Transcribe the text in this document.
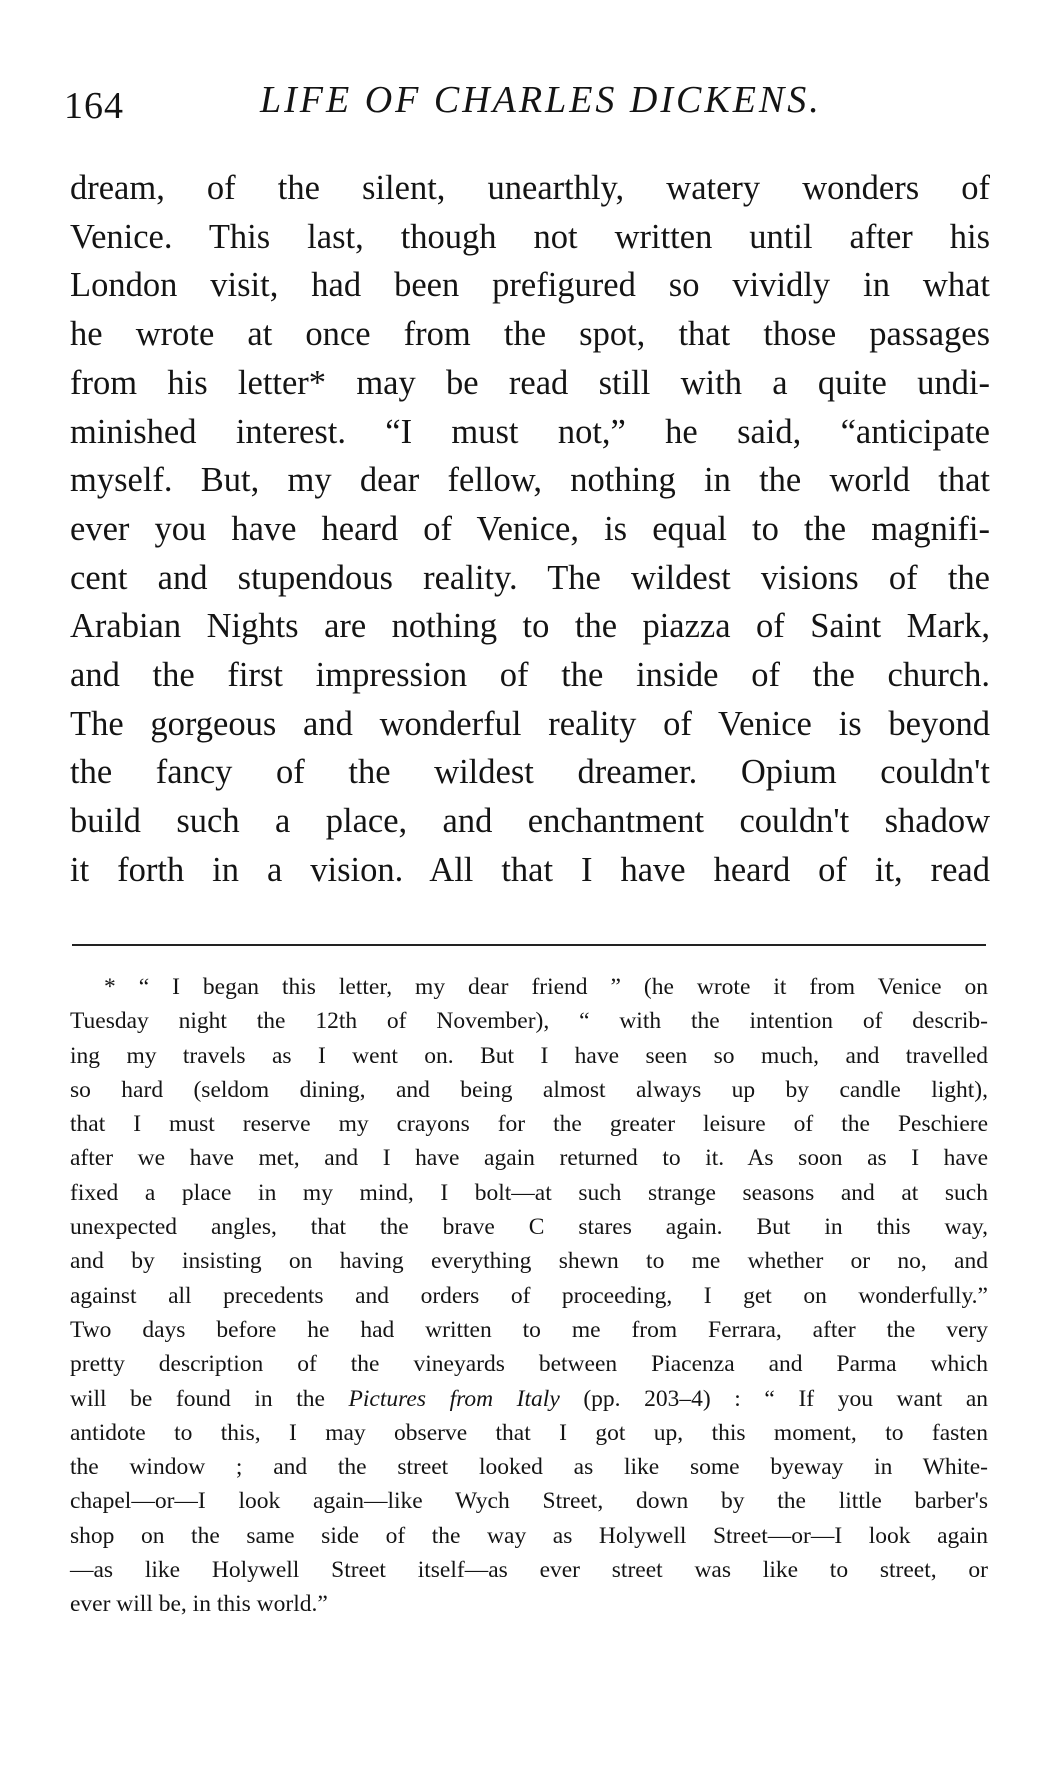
164	LIFE OF CHARLES DICKENS.
dream, of the silent, unearthly, watery wonders of
Venice. This last, though not written until after his
London visit, had been prefigured so vividly in what
he wrote at once from the spot, that those passages
from his letter* may be read still with a quite undi-
minished interest. “I must not,” he said, “anticipate
myself. But, my dear fellow, nothing in the world that
ever you have heard of Venice, is equal to the magnifi-
cent and stupendous reality. The wildest visions of the
Arabian Nights are nothing to the piazza of Saint Mark,
and the first impression of the inside of the church.
The gorgeous and wonderful reality of Venice is beyond
the fancy of the wildest dreamer. Opium couldn't
build such a place, and enchantment couldn't shadow
it forth in a vision. All that I have heard of it, read
* “ I began this letter, my dear friend ” (he wrote it from Venice on
Tuesday night the 12th of November), “ with the intention of describ-
ing my travels as I went on. But I have seen so much, and travelled
so hard (seldom dining, and being almost always up by candle light),
that I must reserve my crayons for the greater leisure of the Peschiere
after we have met, and I have again returned to it. As soon as I have
fixed a place in my mind, I bolt—at such strange seasons and at such
unexpected angles, that the brave C stares again. But in this way,
and by insisting on having everything shewn to me whether or no, and
against all precedents and orders of proceeding, I get on wonderfully.”
Two days before he had written to me from Ferrara, after the very
pretty description of the vineyards between Piacenza and Parma which
will be found in the Pictures from Italy (pp. 203–4) : “ If you want an
antidote to this, I may observe that I got up, this moment, to fasten
the window ; and the street looked as like some byeway in White-
chapel—or—I look again—like Wych Street, down by the little barber's
shop on the same side of the way as Holywell Street—or—I look again
—as like Holywell Street itself—as ever street was like to street, or
ever will be, in this world.”
